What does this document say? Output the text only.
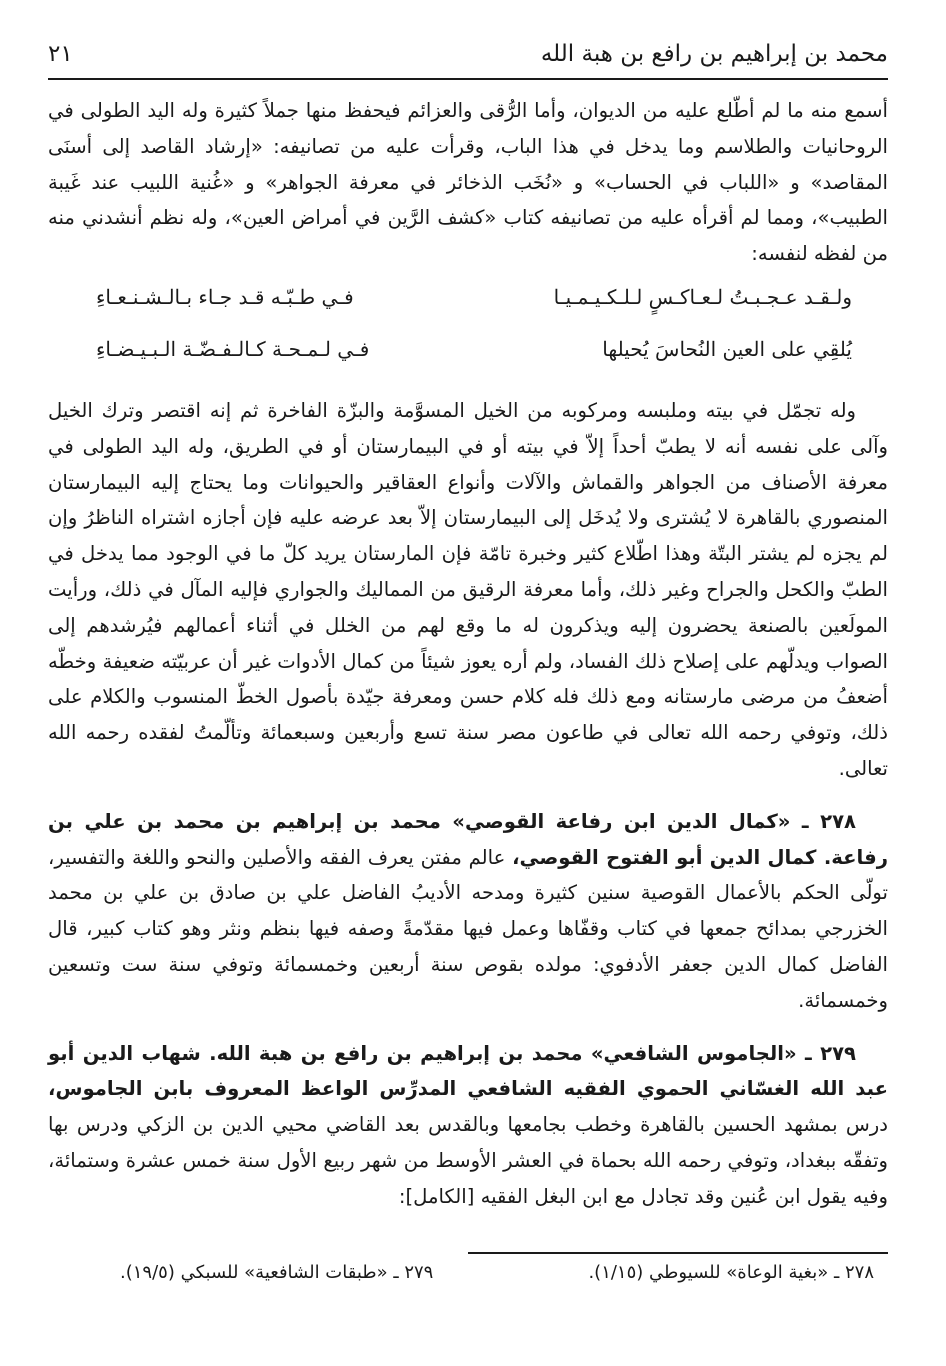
محمد بن إبراهيم بن رافع بن هبة الله
٢١

أسمع منه ما لم أطّلع عليه من الديوان، وأما الرُّقى والعزائم فيحفظ منها جملاً كثيرة وله اليد الطولى في الروحانيات والطلاسم وما يدخل في هذا الباب، وقرأت عليه من تصانيفه: «إرشاد القاصد إلى أسنَى المقاصد» و «اللباب في الحساب» و «نُخَب الذخائر في معرفة الجواهر» و «غُنية اللبيب عند غَيبة الطبيب»، ومما لم أقرأه عليه من تصانيفه كتاب «كشف الرَّين في أمراض العين»، وله نظم أنشدني منه من لفظه لنفسه:

ولـقـد عـجـبـتُ لـعـاكـسٍ لـلـكـيـمـيـا
فـي طـبّـه قـد جـاء بـالـشـنـعـاءِ
يُلقِي على العين النُحاسَ يُحيلها
فـي لـمـحـة كـالـفـضّـة الـبـيـضـاءِ

وله تجمّل في بيته وملبسه ومركوبه من الخيل المسوَّمة والبزّة الفاخرة ثم إنه اقتصر وترك الخيل وآلى على نفسه أنه لا يطبّ أحداً إلاّ في بيته أو في البيمارستان أو في الطريق، وله اليد الطولى في معرفة الأصناف من الجواهر والقماش والآلات وأنواع العقاقير والحيوانات وما يحتاج إليه البيمارستان المنصوري بالقاهرة لا يُشترى ولا يُدخَل إلى البيمارستان إلاّ بعد عرضه عليه فإن أجازه اشتراه الناظرُ وإن لم يجزه لم يشتر البتّة وهذا اطّلاع كثير وخبرة تامّة فإن المارستان يريد كلّ ما في الوجود مما يدخل في الطبّ والكحل والجراح وغير ذلك، وأما معرفة الرقيق من المماليك والجواري فإليه المآل في ذلك، ورأيت المولَعين بالصنعة يحضرون إليه ويذكرون له ما وقع لهم من الخلل في أثناء أعمالهم فيُرشدهم إلى الصواب ويدلّهم على إصلاح ذلك الفساد، ولم أره يعوز شيئاً من كمال الأدوات غير أن عربيّته ضعيفة وخطّه أضعفُ من مرضى مارستانه ومع ذلك فله كلام حسن ومعرفة جيّدة بأصول الخطّ المنسوب والكلام على ذلك، وتوفي رحمه الله تعالى في طاعون مصر سنة تسع وأربعين وسبعمائة وتألّمتُ لفقده رحمه الله تعالى.

٢٧٨ ـ «كمال الدين ابن رفاعة القوصي» محمد بن إبراهيم بن محمد بن علي بن رفاعة. كمال الدين أبو الفتوح القوصي، عالم مفتن يعرف الفقه والأصلين والنحو واللغة والتفسير، تولّى الحكم بالأعمال القوصية سنين كثيرة ومدحه الأديبُ الفاضل علي بن صادق بن علي بن محمد الخزرجي بمدائح جمعها في كتاب وقفّاها وعمل فيها مقدّمةً وصفه فيها بنظم ونثر وهو كتاب كبير، قال الفاضل كمال الدين جعفر الأدفوي: مولده بقوص سنة أربعين وخمسمائة وتوفي سنة ست وتسعين وخمسمائة.

٢٧٩ ـ «الجاموس الشافعي» محمد بن إبراهيم بن رافع بن هبة الله. شهاب الدين أبو عبد الله الغسّاني الحموي الفقيه الشافعي المدرِّس الواعظ المعروف بابن الجاموس، درس بمشهد الحسين بالقاهرة وخطب بجامعها وبالقدس بعد القاضي محيي الدين بن الزكي ودرس بها وتفقّه ببغداد، وتوفي رحمه الله بحماة في العشر الأوسط من شهر ربيع الأول سنة خمس عشرة وستمائة، وفيه يقول ابن عُنين وقد تجادل مع ابن البغل الفقيه [الكامل]:

٢٧٨ ـ «بغية الوعاة» للسيوطي (١/١٥).
٢٧٩ ـ «طبقات الشافعية» للسبكي (١٩/٥).
